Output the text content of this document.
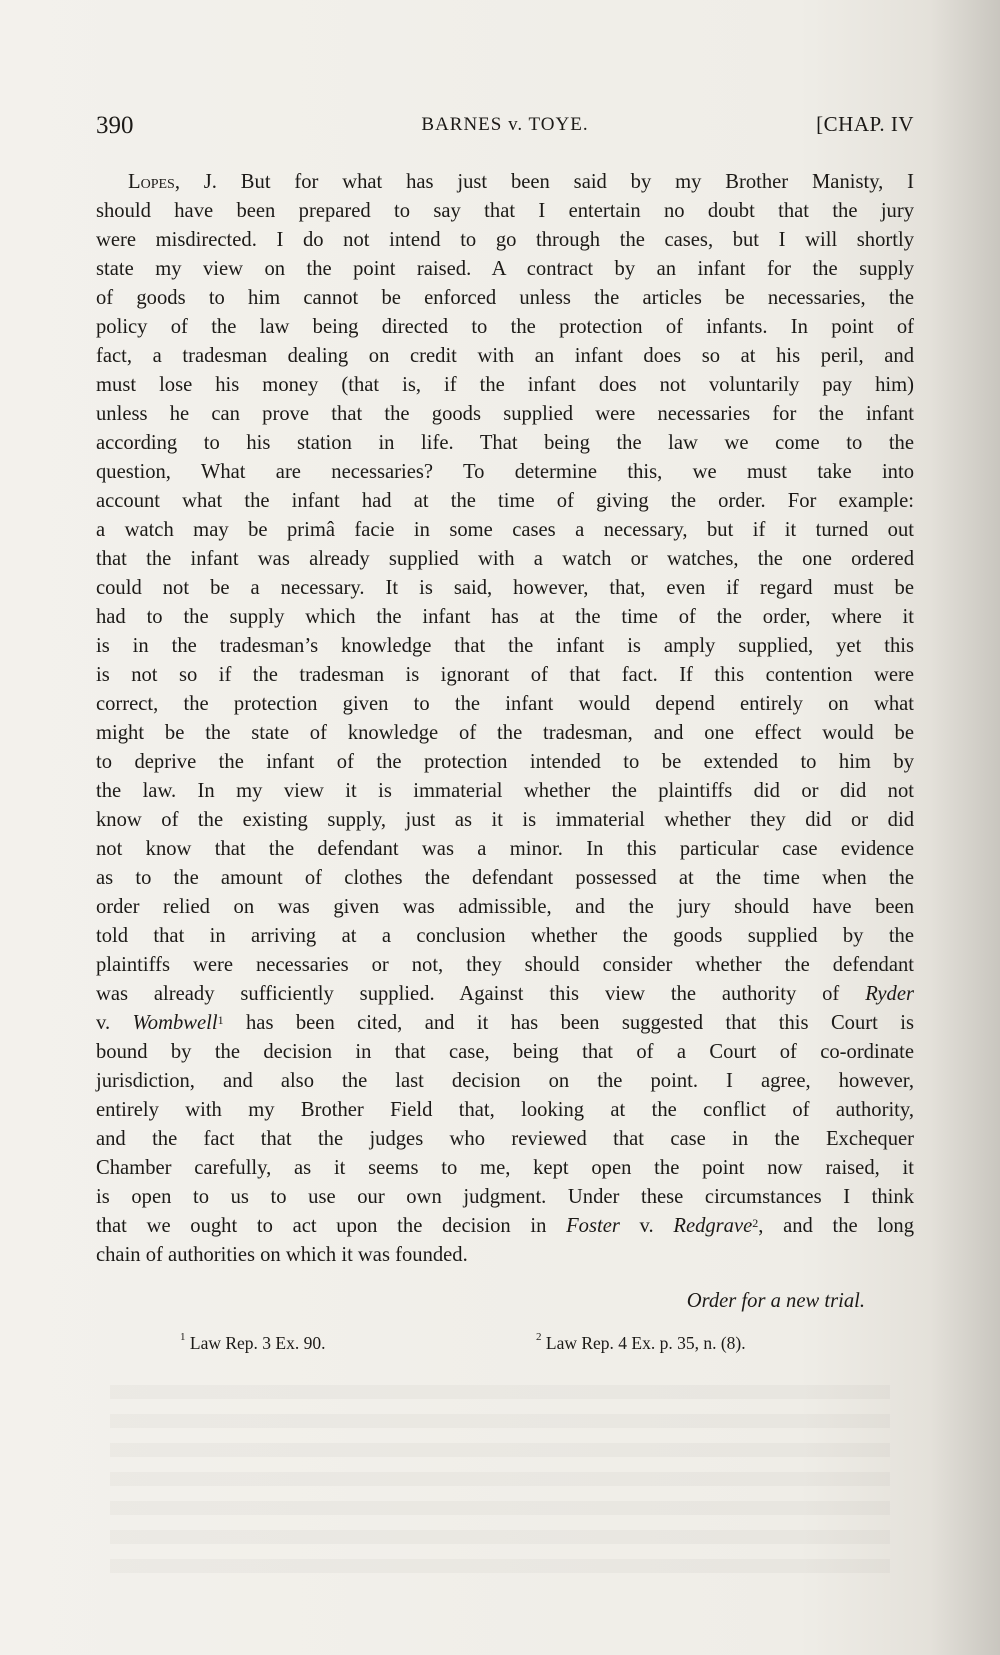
390	BARNES v. TOYE.	[CHAP. IV
Lopes, J. But for what has just been said by my Brother Manisty, I
should have been prepared to say that I entertain no doubt that the jury
were misdirected. I do not intend to go through the cases, but I will shortly
state my view on the point raised. A contract by an infant for the supply
of goods to him cannot be enforced unless the articles be necessaries, the
policy of the law being directed to the protection of infants. In point of
fact, a tradesman dealing on credit with an infant does so at his peril, and
must lose his money (that is, if the infant does not voluntarily pay him)
unless he can prove that the goods supplied were necessaries for the infant
according to his station in life. That being the law we come to the
question, What are necessaries? To determine this, we must take into
account what the infant had at the time of giving the order. For example:
a watch may be primâ facie in some cases a necessary, but if it turned out
that the infant was already supplied with a watch or watches, the one ordered
could not be a necessary. It is said, however, that, even if regard must be
had to the supply which the infant has at the time of the order, where it
is in the tradesman’s knowledge that the infant is amply supplied, yet this
is not so if the tradesman is ignorant of that fact. If this contention were
correct, the protection given to the infant would depend entirely on what
might be the state of knowledge of the tradesman, and one effect would be
to deprive the infant of the protection intended to be extended to him by
the law. In my view it is immaterial whether the plaintiffs did or did not
know of the existing supply, just as it is immaterial whether they did or did
not know that the defendant was a minor. In this particular case evidence
as to the amount of clothes the defendant possessed at the time when the
order relied on was given was admissible, and the jury should have been
told that in arriving at a conclusion whether the goods supplied by the
plaintiffs were necessaries or not, they should consider whether the defendant
was already sufficiently supplied. Against this view the authority of Ryder
v. Wombwell$^1$ has been cited, and it has been suggested that this Court is
bound by the decision in that case, being that of a Court of co-ordinate
jurisdiction, and also the last decision on the point. I agree, however,
entirely with my Brother Field that, looking at the conflict of authority,
and the fact that the judges who reviewed that case in the Exchequer
Chamber carefully, as it seems to me, kept open the point now raised, it
is open to us to use our own judgment. Under these circumstances I think
that we ought to act upon the decision in Foster v. Redgrave$^2$, and the long
chain of authorities on which it was founded.
Order for a new trial.
$^1$ Law Rep. 3 Ex. 90.	$^2$ Law Rep. 4 Ex. p. 35, n. (8).
